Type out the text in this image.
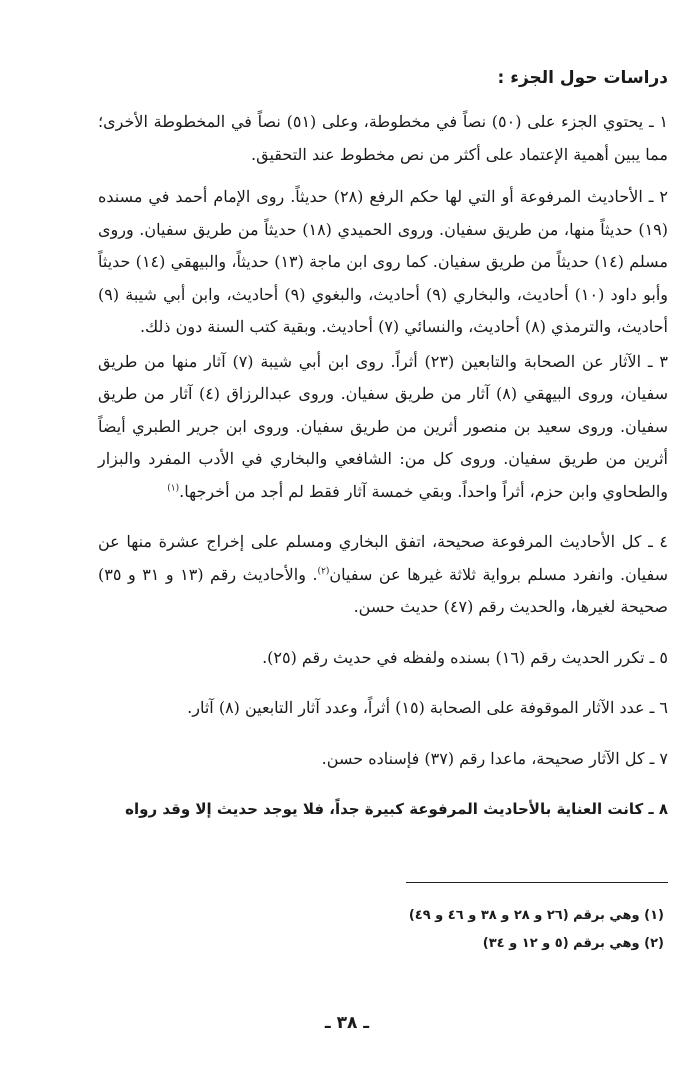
دراسات حول الجزء :

١ ـ يحتوي الجزء على (٥٠) نصاً في مخطوطة، وعلى (٥١) نصاً في المخطوطة الأخرى؛ مما يبين أهمية الإعتماد على أكثر من نص مخطوط عند التحقيق.

٢ ـ الأحاديث المرفوعة أو التي لها حكم الرفع (٢٨) حديثاً. روى الإمام أحمد في مسنده (١٩) حديثاً منها، من طريق سفيان. وروى الحميدي (١٨) حديثاً من طريق سفيان. وروى مسلم (١٤) حديثاً من طريق سفيان. كما روى ابن ماجة (١٣) حديثاً، والبيهقي (١٤) حديثاً وأبو داود (١٠) أحاديث، والبخاري (٩) أحاديث، والبغوي (٩) أحاديث، وابن أبي شيبة (٩) أحاديث، والترمذي (٨) أحاديث، والنسائي (٧) أحاديث. وبقية كتب السنة دون ذلك.

٣ ـ الآثار عن الصحابة والتابعين (٢٣) أثراً. روى ابن أبي شيبة (٧) آثار منها من طريق سفيان، وروى البيهقي (٨) آثار من طريق سفيان. وروى عبدالرزاق (٤) آثار من طريق سفيان. وروى سعيد بن منصور أثرين من طريق سفيان. وروى ابن جرير الطبري أيضاً أثرين من طريق سفيان. وروى كل من: الشافعي والبخاري في الأدب المفرد والبزار والطحاوي وابن حزم، أثراً واحداً. وبقي خمسة آثار فقط لم أجد من أخرجها.$^{(١)}$

٤ ـ كل الأحاديث المرفوعة صحيحة، اتفق البخاري ومسلم على إخراج عشرة منها عن سفيان. وانفرد مسلم برواية ثلاثة غيرها عن سفيان$^{(٢)}$. والأحاديث رقم (١٣ و ٣١ و ٣٥) صحيحة لغيرها، والحديث رقم (٤٧) حديث حسن.

٥ ـ تكرر الحديث رقم (١٦) بسنده ولفظه في حديث رقم (٢٥).

٦ ـ عدد الآثار الموقوفة على الصحابة (١٥) أثراً، وعدد آثار التابعين (٨) آثار.

٧ ـ كل الآثار صحيحة، ماعدا رقم (٣٧) فإسناده حسن.

٨ ـ كانت العناية بالأحاديث المرفوعة كبيرة جداً، فلا يوجد حديث إلا وقد رواه

(١) وهي برقم (٢٦ و ٢٨ و ٣٨ و ٤٦ و ٤٩)

(٢) وهي برقم (٥ و ١٢ و ٣٤)

ـ ٣٨ ـ
